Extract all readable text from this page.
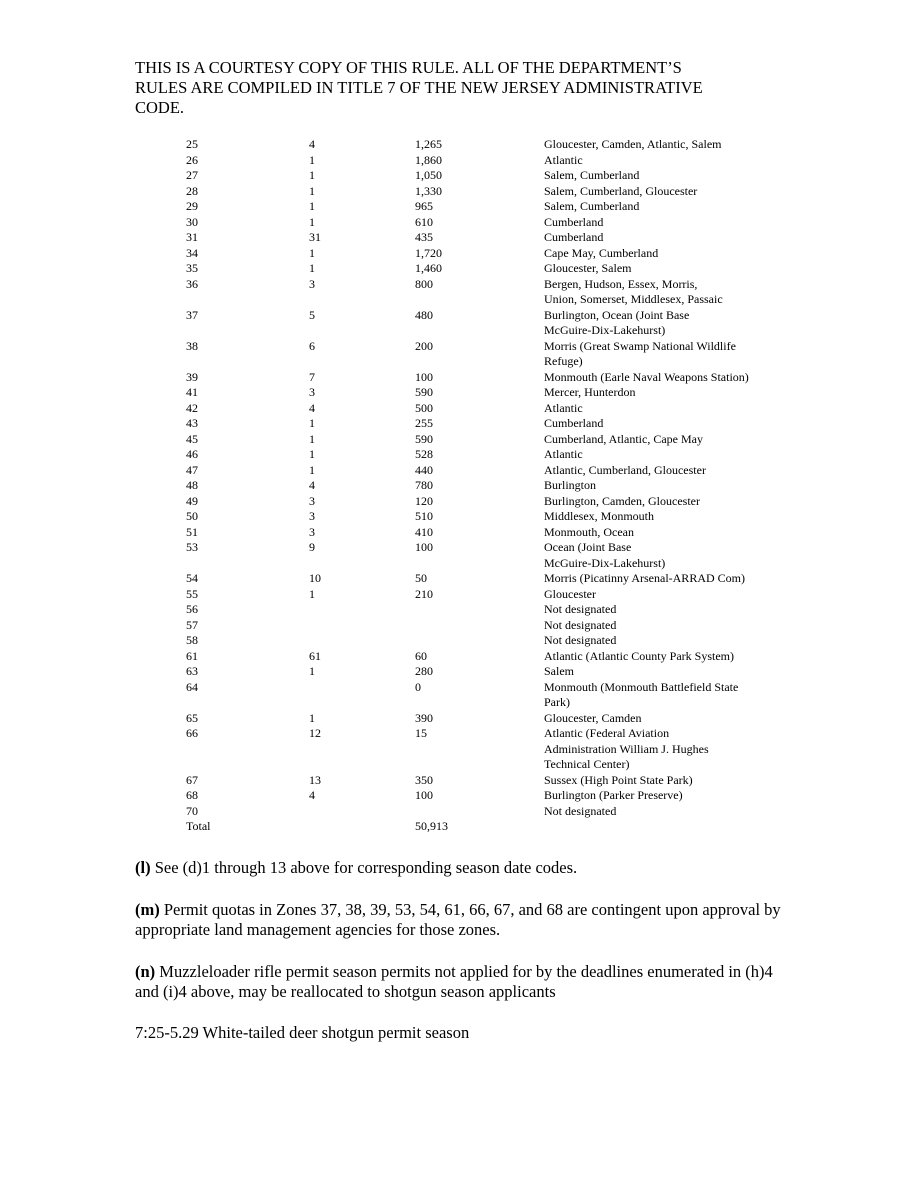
THIS IS A COURTESY COPY OF THIS RULE. ALL OF THE DEPARTMENT’S
RULES ARE COMPILED IN TITLE 7 OF THE NEW JERSEY ADMINISTRATIVE
CODE.
25	4	1,265	Gloucester, Camden, Atlantic, Salem

26	1	1,860	Atlantic

27	1	1,050	Salem, Cumberland

28	1	1,330	Salem, Cumberland, Gloucester

29	1	965	Salem, Cumberland

30	1	610	Cumberland

31	31	435	Cumberland

34	1	1,720	Cape May, Cumberland

35	1	1,460	Gloucester, Salem

36	3	800	Bergen, Hudson, Essex, Morris,
Union, Somerset, Middlesex, Passaic

37	5	480	Burlington, Ocean (Joint Base
McGuire-Dix-Lakehurst)

38	6	200	Morris (Great Swamp National Wildlife
Refuge)

39	7	100	Monmouth (Earle Naval Weapons Station)

41	3	590	Mercer, Hunterdon

42	4	500	Atlantic

43	1	255	Cumberland

45	1	590	Cumberland, Atlantic, Cape May

46	1	528	Atlantic

47	1	440	Atlantic, Cumberland, Gloucester

48	4	780	Burlington

49	3	120	Burlington, Camden, Gloucester

50	3	510	Middlesex, Monmouth

51	3	410	Monmouth, Ocean

53	9	100	Ocean (Joint Base
McGuire-Dix-Lakehurst)

54	10	50	Morris (Picatinny Arsenal-ARRAD Com)

55	1	210	Gloucester

56			Not designated

57			Not designated

58			Not designated

61	61	60	Atlantic (Atlantic County Park System)

63	1	280	Salem

64		0	Monmouth (Monmouth Battlefield State
Park)

65	1	390	Gloucester, Camden

66	12	15	Atlantic (Federal Aviation
Administration William J. Hughes
Technical Center)

67	13	350	Sussex (High Point State Park)

68	4	100	Burlington (Parker Preserve)

70			Not designated

Total		50,913	
(l) See (d)1 through 13 above for corresponding season date codes.
(m) Permit quotas in Zones 37, 38, 39, 53, 54, 61, 66, 67, and 68 are contingent upon approval by appropriate land management agencies for those zones.
(n) Muzzleloader rifle permit season permits not applied for by the deadlines enumerated in (h)4 and (i)4 above, may be reallocated to shotgun season applicants
7:25-5.29 White-tailed deer shotgun permit season
